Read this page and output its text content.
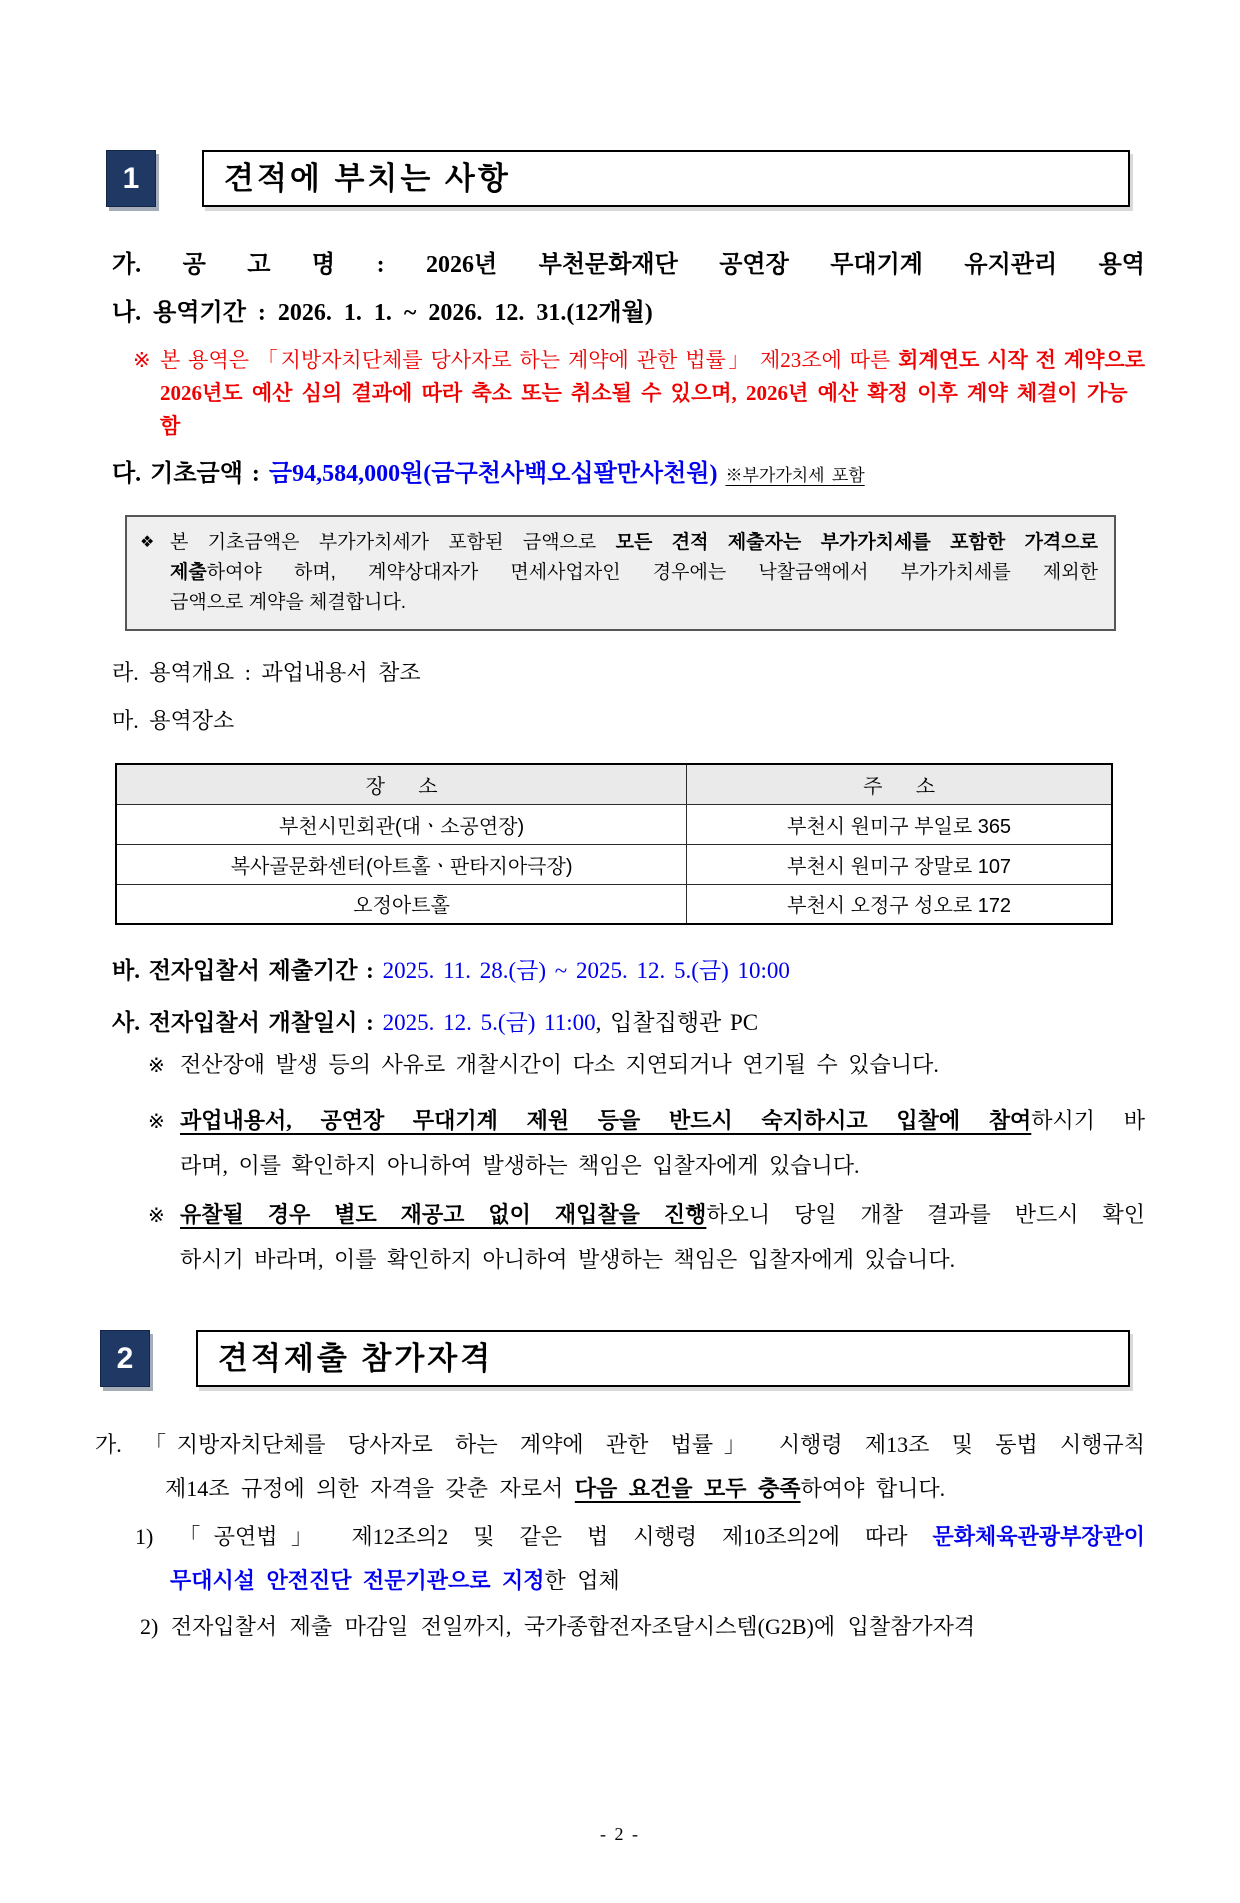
1	견적에 부치는 사항

가. 공 고 명 : 2026년 부천문화재단 공연장 무대기계 유지관리 용역

나. 용역기간 : 2026. 1. 1. ~ 2026. 12. 31.(12개월)

※ 본 용역은 「지방자치단체를 당사자로 하는 계약에 관한 법률」 제23조에 따른 회계연도 시작 전 계약으로
2026년도 예산 심의 결과에 따라 축소 또는 취소될 수 있으며, 2026년 예산 확정 이후 계약 체결이 가능함

다. 기초금액 : 금94,584,000원(금구천사백오십팔만사천원) ※부가가치세 포함

❖ 본 기초금액은 부가가치세가 포함된 금액으로 모든 견적 제출자는 부가가치세를 포함한 가격으로
제출하여야 하며, 계약상대자가 면세사업자인 경우에는 낙찰금액에서 부가가치세를 제외한
금액으로 계약을 체결합니다.

라. 용역개요 : 과업내용서 참조

마. 용역장소

장      소	주      소
부천시민회관(대ㆍ소공연장)	부천시 원미구 부일로 365
복사골문화센터(아트홀ㆍ판타지아극장)	부천시 원미구 장말로 107
오정아트홀	부천시 오정구 성오로 172

바. 전자입찰서 제출기간 : 2025. 11. 28.(금) ~ 2025. 12. 5.(금) 10:00

사. 전자입찰서 개찰일시 : 2025. 12. 5.(금) 11:00, 입찰집행관 PC

※ 전산장애 발생 등의 사유로 개찰시간이 다소 지연되거나 연기될 수 있습니다.
※ 과업내용서, 공연장 무대기계 제원 등을 반드시 숙지하시고 입찰에 참여하시기 바
라며, 이를 확인하지 아니하여 발생하는 책임은 입찰자에게 있습니다.
※ 유찰될 경우 별도 재공고 없이 재입찰을 진행하오니 당일 개찰 결과를 반드시 확인
하시기 바라며, 이를 확인하지 아니하여 발생하는 책임은 입찰자에게 있습니다.
2	견적제출 참가자격
가. 「지방자치단체를 당사자로 하는 계약에 관한 법률」 시행령 제13조 및 동법 시행규칙
제14조 규정에 의한 자격을 갖춘 자로서 다음 요건을 모두 충족하여야 합니다.
1) 「공연법」 제12조의2 및 같은 법 시행령 제10조의2에 따라 문화체육관광부장관이
무대시설 안전진단 전문기관으로 지정한 업체

2) 전자입찰서 제출 마감일 전일까지, 국가종합전자조달시스템(G2B)에 입찰참가자격

- 2 -
